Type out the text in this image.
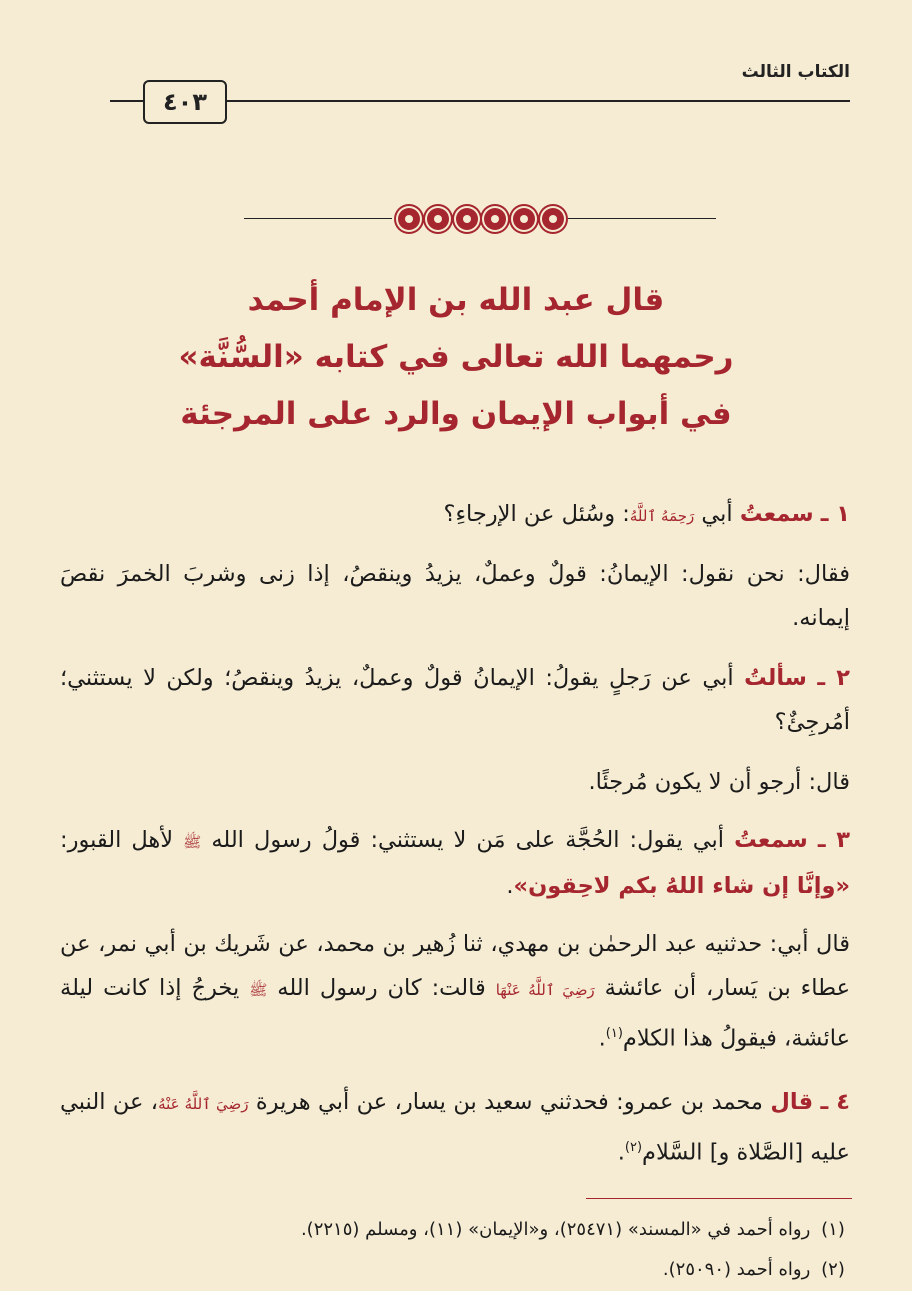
الكتاب الثالث
٤٠٣
قال عبد الله بن الإمام أحمد
رحمهما الله تعالى في كتابه «السُّنَّة»
في أبواب الإيمان والرد على المرجئة
١ ـ سمعتُ أبي رَحِمَهُ ٱللَّهُ: وسُئل عن الإرجاءِ؟
فقال: نحن نقول: الإيمانُ: قولٌ وعملٌ، يزيدُ وينقصُ، إذا زنى وشربَ الخمرَ نقصَ إيمانه.
٢ ـ سألتُ أبي عن رَجلٍ يقولُ: الإيمانُ قولٌ وعملٌ، يزيدُ وينقصُ؛ ولكن لا يستثني؛ أمُرجِئٌ؟
قال: أرجو أن لا يكون مُرجئًا.
٣ ـ سمعتُ أبي يقول: الحُجَّة على مَن لا يستثني: قولُ رسول الله ﷺ لأهل القبور: «وإنَّا إن شاء اللهُ بكم لاحِقون».
قال أبي: حدثنيه عبد الرحمٰن بن مهدي، ثنا زُهير بن محمد، عن شَريك بن أبي نمر، عن عطاء بن يَسار، أن عائشة رَضِيَ ٱللَّهُ عَنْهَا قالت: كان رسول الله ﷺ يخرجُ إذا كانت ليلة عائشة، فيقولُ هذا الكلام$^{(١)}$.
٤ ـ قال محمد بن عمرو: فحدثني سعيد بن يسار، عن أبي هريرة رَضِيَ ٱللَّهُ عَنْهُ، عن النبي عليه [الصَّلاة و] السَّلام$^{(٢)}$.
(١) رواه أحمد في «المسند» (٢٥٤٧١)، و«الإيمان» (١١)، ومسلم (٢٢١٥).
(٢) رواه أحمد (٢٥٠٩٠).
